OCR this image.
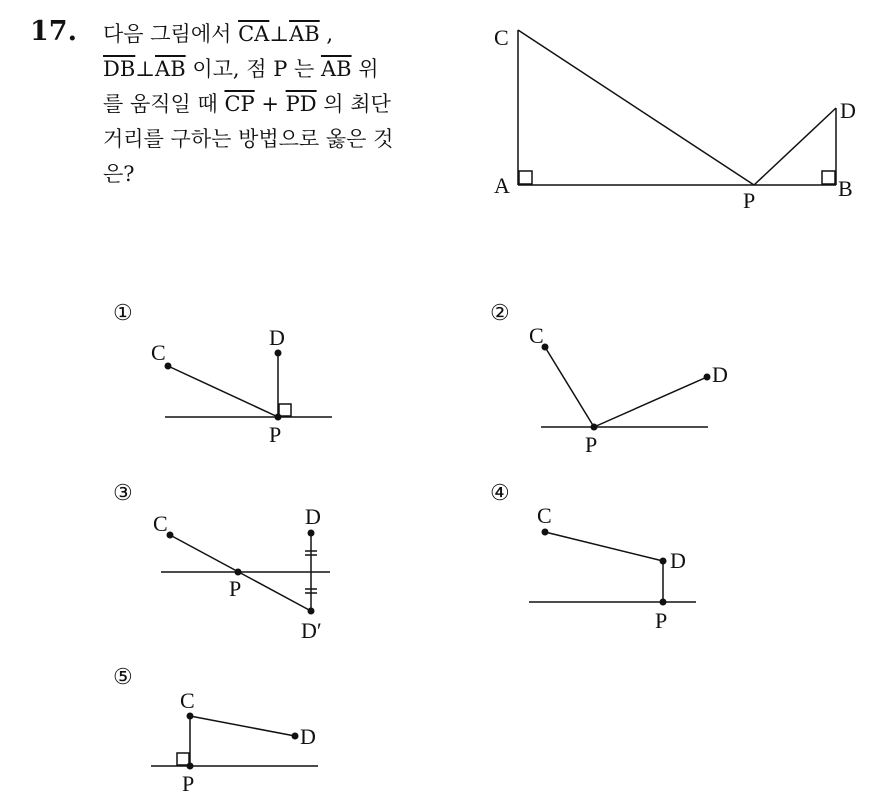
17. 다음 그림에서 $\overline{CA}\perp\overline{AB}$ ,
$\overline{DB}\perp\overline{AB}$ 이고, 점 P 는 $\overline{AB}$ 위
를 움직일 때 $\overline{CP} + \overline{PD}$ 의 최단
거리를 구하는 방법으로 옳은 것
은?
C
A
P	B
D
①
C
D
P
②
C
D
P
③
C	D
P
D′
④
C
D
P
⑤
C
D
P
